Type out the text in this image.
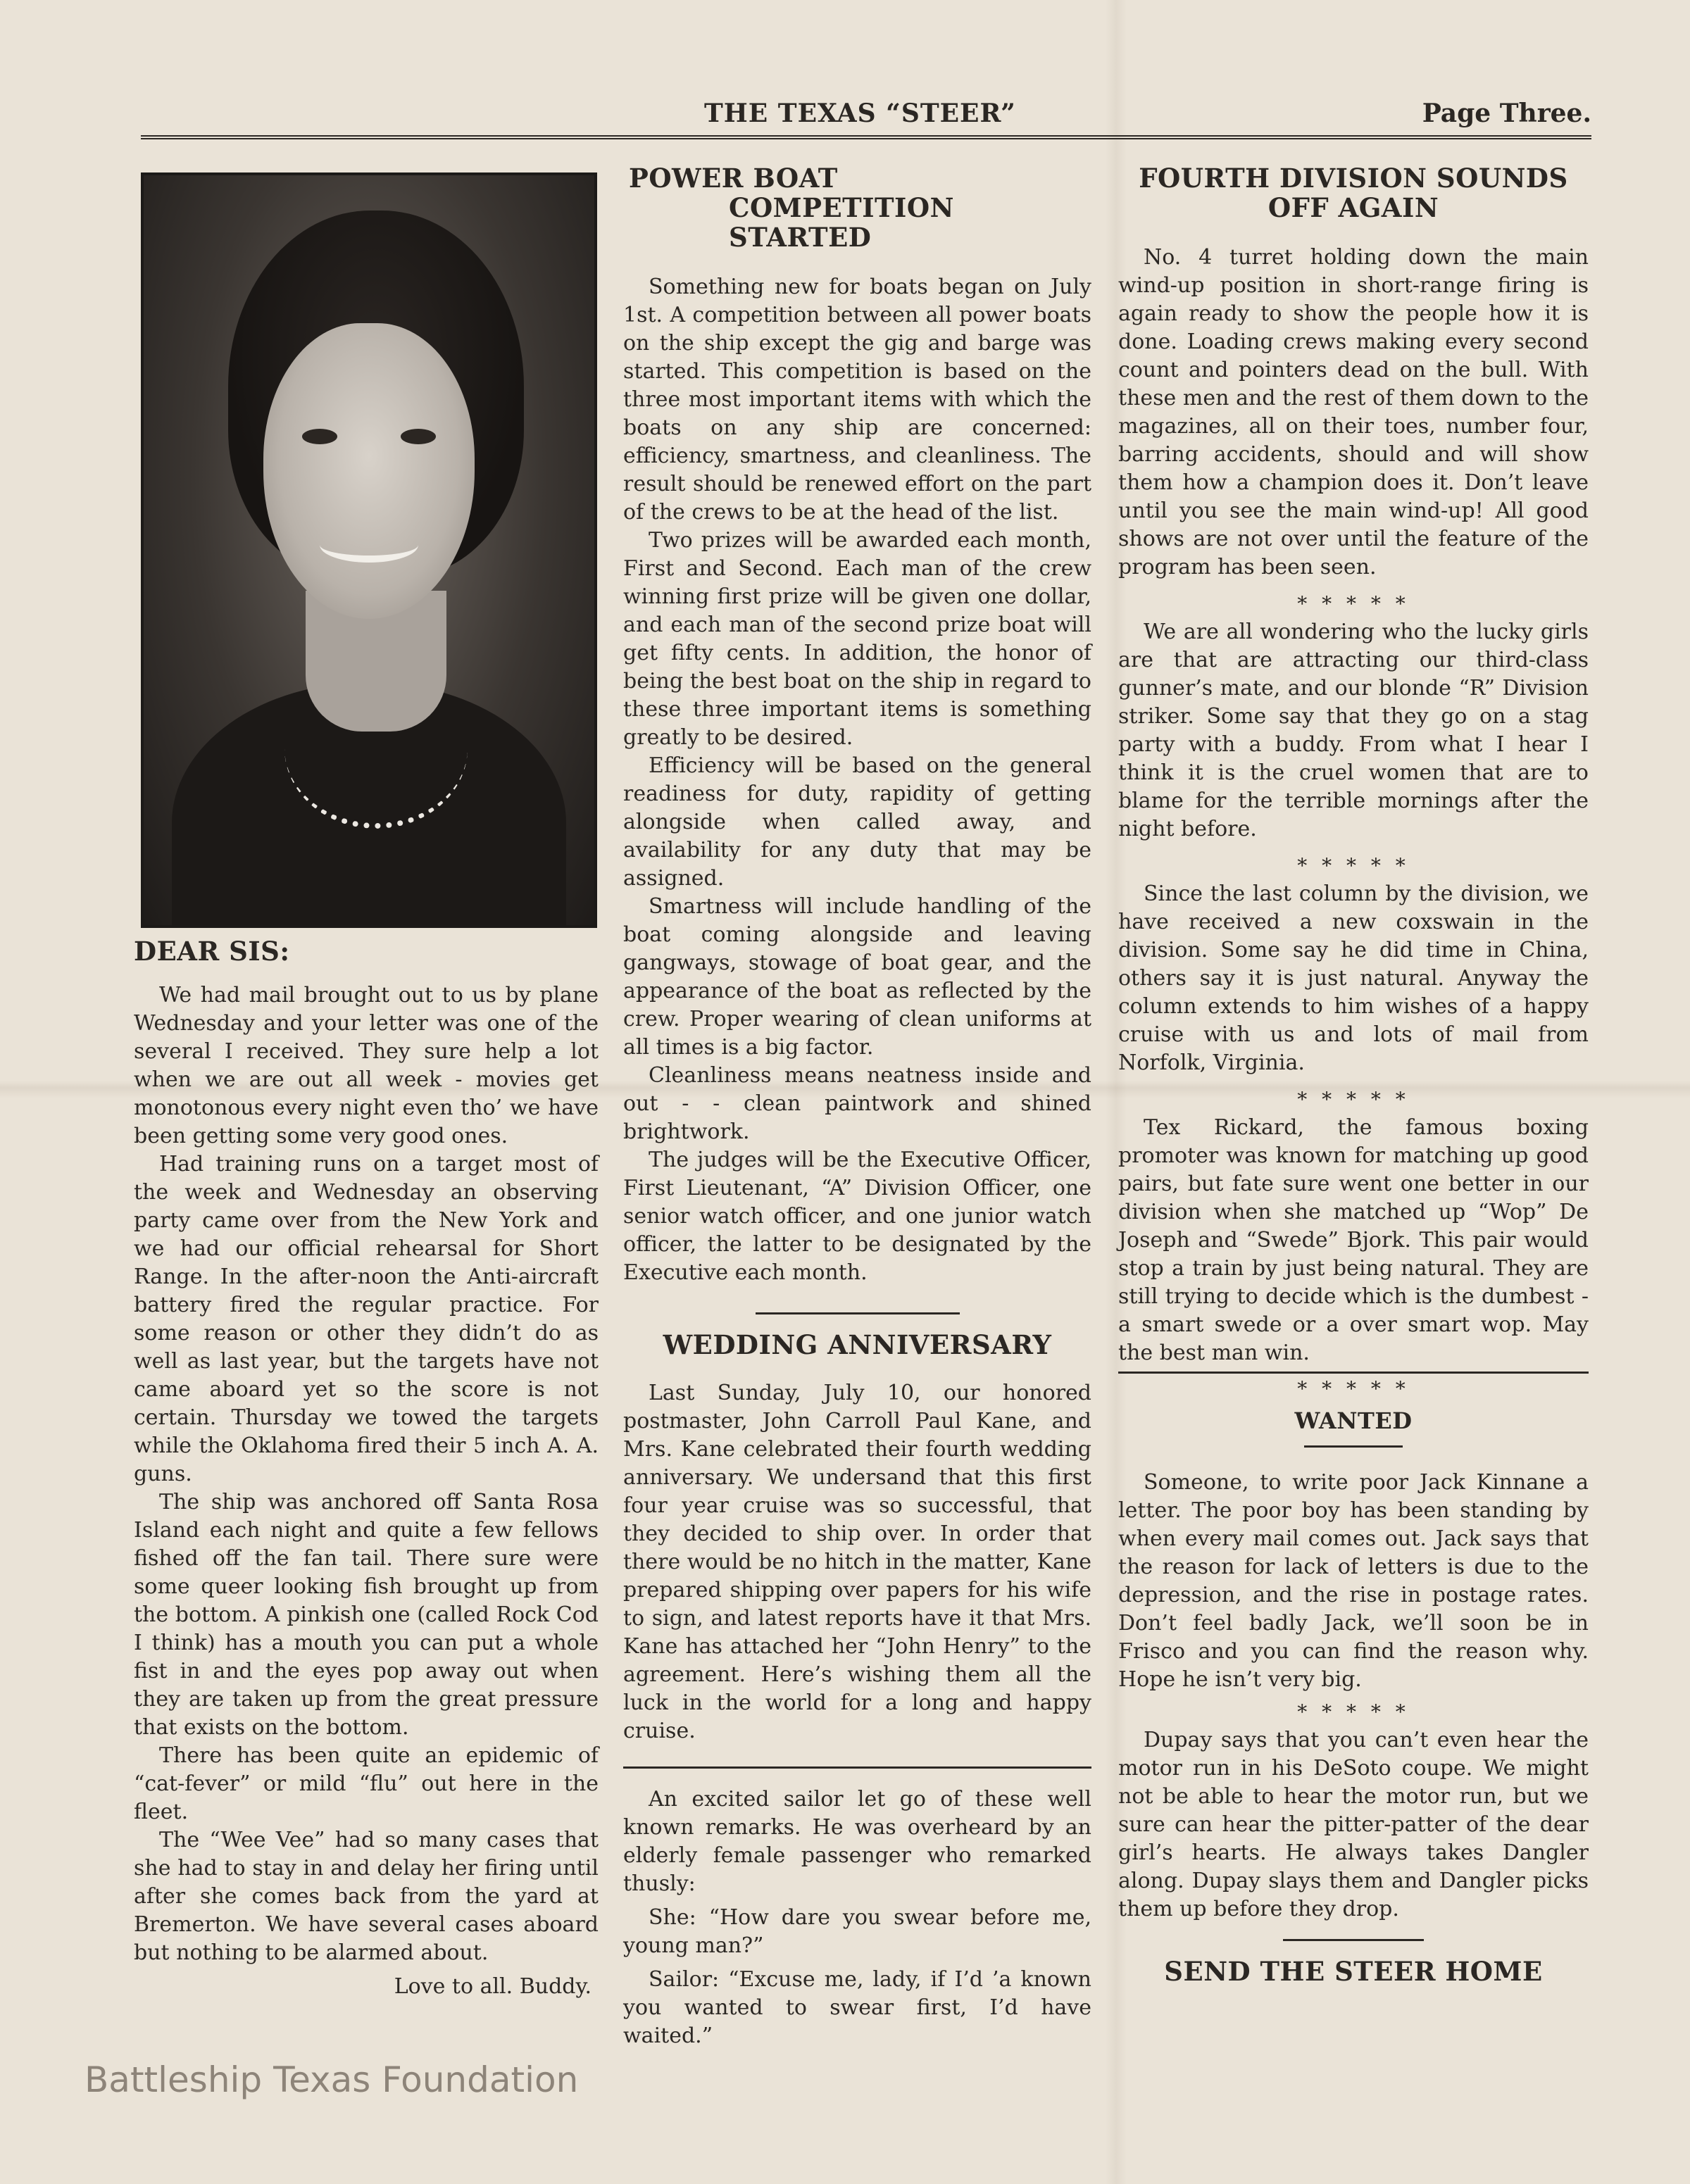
THE TEXAS “STEER”	Page Three.
DEAR SIS:

We had mail brought out to us by plane Wednesday and your letter was one of the several I received. They sure help a lot when we are out all week - movies get monotonous every night even tho’ we have been getting some very good ones.

Had training runs on a target most of the week and Wednesday an observing party came over from the New York and we had our official rehearsal for Short Range. In the after-noon the Anti-aircraft battery fired the regular practice. For some reason or other they didn’t do as well as last year, but the targets have not came aboard yet so the score is not certain. Thursday we towed the targets while the Oklahoma fired their 5 inch A. A. guns.

The ship was anchored off Santa Rosa Island each night and quite a few fellows fished off the fan tail. There sure were some queer looking fish brought up from the bottom. A pinkish one (called Rock Cod I think) has a mouth you can put a whole fist in and the eyes pop away out when they are taken up from the great pressure that exists on the bottom.

There has been quite an epidemic of “cat-fever” or mild “flu” out here in the fleet.

The “Wee Vee” had so many cases that she had to stay in and delay her firing until after she comes back from the yard at Bremerton. We have several cases aboard but nothing to be alarmed about.

Love to all. Buddy.
POWER BOAT
COMPETITION STARTED

Something new for boats began on July 1st. A competition between all power boats on the ship except the gig and barge was started. This competition is based on the three most important items with which the boats on any ship are concerned: efficiency, smartness, and cleanliness. The result should be renewed effort on the part of the crews to be at the head of the list.

Two prizes will be awarded each month, First and Second. Each man of the crew winning first prize will be given one dollar, and each man of the second prize boat will get fifty cents. In addition, the honor of being the best boat on the ship in regard to these three important items is something greatly to be desired.

Efficiency will be based on the general readiness for duty, rapidity of getting alongside when called away, and availability for any duty that may be assigned.

Smartness will include handling of the boat coming alongside and leaving gangways, stowage of boat gear, and the appearance of the boat as reflected by the crew. Proper wearing of clean uniforms at all times is a big factor.

Cleanliness means neatness inside and out - - clean paintwork and shined brightwork.

The judges will be the Executive Officer, First Lieutenant, “A” Division Officer, one senior watch officer, and one junior watch officer, the latter to be designated by the Executive each month.

WEDDING ANNIVERSARY

Last Sunday, July 10, our honored postmaster, John Carroll Paul Kane, and Mrs. Kane celebrated their fourth wedding anniversary. We undersand that this first four year cruise was so successful, that they decided to ship over. In order that there would be no hitch in the matter, Kane prepared shipping over papers for his wife to sign, and latest reports have it that Mrs. Kane has attached her “John Henry” to the agreement. Here’s wishing them all the luck in the world for a long and happy cruise.

An excited sailor let go of these well known remarks. He was overheard by an elderly female passenger who remarked thusly:

She: “How dare you swear before me, young man?”

Sailor: “Excuse me, lady, if I’d ’a known you wanted to swear first, I’d have waited.”

FOURTH DIVISION SOUNDS
OFF AGAIN

No. 4 turret holding down the main wind-up position in short-range firing is again ready to show the people how it is done. Loading crews making every second count and pointers dead on the bull. With these men and the rest of them down to the magazines, all on their toes, number four, barring accidents, should and will show them how a champion does it. Don’t leave until you see the main wind-up! All good shows are not over until the feature of the program has been seen.

* * * * *

We are all wondering who the lucky girls are that are attracting our third-class gunner’s mate, and our blonde “R” Division striker. Some say that they go on a stag party with a buddy. From what I hear I think it is the cruel women that are to blame for the terrible mornings after the night before.

* * * * *

Since the last column by the division, we have received a new coxswain in the division. Some say he did time in China, others say it is just natural. Anyway the column extends to him wishes of a happy cruise with us and lots of mail from Norfolk, Virginia.

* * * * *

Tex Rickard, the famous boxing promoter was known for matching up good pairs, but fate sure went one better in our division when she matched up “Wop” De Joseph and “Swede” Bjork. This pair would stop a train by just being natural. They are still trying to decide which is the dumbest - a smart swede or a over smart wop. May the best man win.

* * * * *
WANTED

Someone, to write poor Jack Kinnane a letter. The poor boy has been standing by when every mail comes out. Jack says that the reason for lack of letters is due to the depression, and the rise in postage rates. Don’t feel badly Jack, we’ll soon be in Frisco and you can find the reason why. Hope he isn’t very big.

* * * * *

Dupay says that you can’t even hear the motor run in his DeSoto coupe. We might not be able to hear the motor run, but we sure can hear the pitter-patter of the dear girl’s hearts. He always takes Dangler along. Dupay slays them and Dangler picks them up before they drop.

SEND THE STEER HOME
Battleship Texas Foundation
